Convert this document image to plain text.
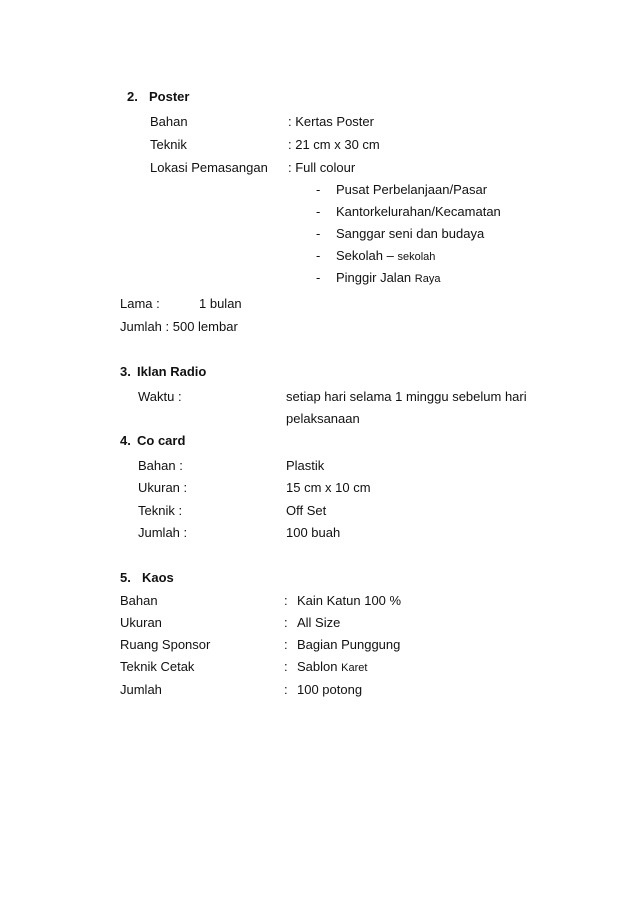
2. Poster
Bahan	: Kertas Poster
Teknik	: 21 cm x 30 cm
Lokasi Pemasangan : Full colour
- Pusat Perbelanjaan/Pasar
- Kantorkelurahan/Kecamatan
- Sanggar seni dan budaya
- Sekolah – sekolah
- Pinggir Jalan Raya
Lama :	1 bulan
Jumlah : 500 lembar
3. Iklan Radio
Waktu :	setiap hari selama 1 minggu sebelum hari
pelaksanaan
4. Co card
Bahan :	Plastik
Ukuran :	15 cm x 10 cm
Teknik :	Off Set
Jumlah :	100 buah
5. Kaos
Bahan	: Kain Katun 100 %
Ukuran	: All Size
Ruang Sponsor	: Bagian Punggung
Teknik Cetak	: Sablon Karet
Jumlah	: 100 potong
